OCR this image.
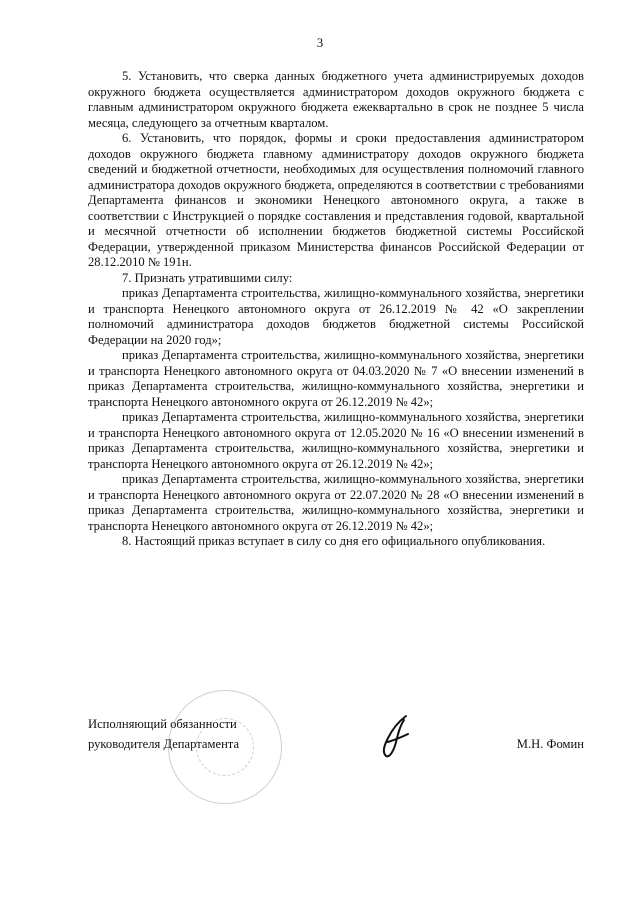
3

5. Установить, что сверка данных бюджетного учета администрируемых доходов окружного бюджета осуществляется администратором доходов окружного бюджета с главным администратором окружного бюджета ежеквартально в срок не позднее 5 числа месяца, следующего за отчетным кварталом.

6. Установить, что порядок, формы и сроки предоставления администратором доходов окружного бюджета главному администратору доходов окружного бюджета сведений и бюджетной отчетности, необходимых для осуществления полномочий главного администратора доходов окружного бюджета, определяются в соответствии с требованиями Департамента финансов и экономики Ненецкого автономного округа, а также в соответствии с Инструкцией о порядке составления и представления годовой, квартальной и месячной отчетности об исполнении бюджетов бюджетной системы Российской Федерации, утвержденной приказом Министерства финансов Российской Федерации от 28.12.2010 № 191н.

7. Признать утратившими силу:

приказ Департамента строительства, жилищно-коммунального хозяйства, энергетики и транспорта Ненецкого автономного округа от 26.12.2019 № 42 «О закреплении полномочий администратора доходов бюджетов бюджетной системы Российской Федерации на 2020 год»;

приказ Департамента строительства, жилищно-коммунального хозяйства, энергетики и транспорта Ненецкого автономного округа от 04.03.2020 № 7 «О внесении изменений в приказ Департамента строительства, жилищно-коммунального хозяйства, энергетики и транспорта Ненецкого автономного округа от 26.12.2019 № 42»;

приказ Департамента строительства, жилищно-коммунального хозяйства, энергетики и транспорта Ненецкого автономного округа от 12.05.2020 № 16 «О внесении изменений в приказ Департамента строительства, жилищно-коммунального хозяйства, энергетики и транспорта Ненецкого автономного округа от 26.12.2019 № 42»;

приказ Департамента строительства, жилищно-коммунального хозяйства, энергетики и транспорта Ненецкого автономного округа от 22.07.2020 № 28 «О внесении изменений в приказ Департамента строительства, жилищно-коммунального хозяйства, энергетики и транспорта Ненецкого автономного округа от 26.12.2019 № 42»;

8. Настоящий приказ вступает в силу со дня его официального опубликования.

Исполняющий обязанности
руководителя Департамента	М.Н. Фомин
